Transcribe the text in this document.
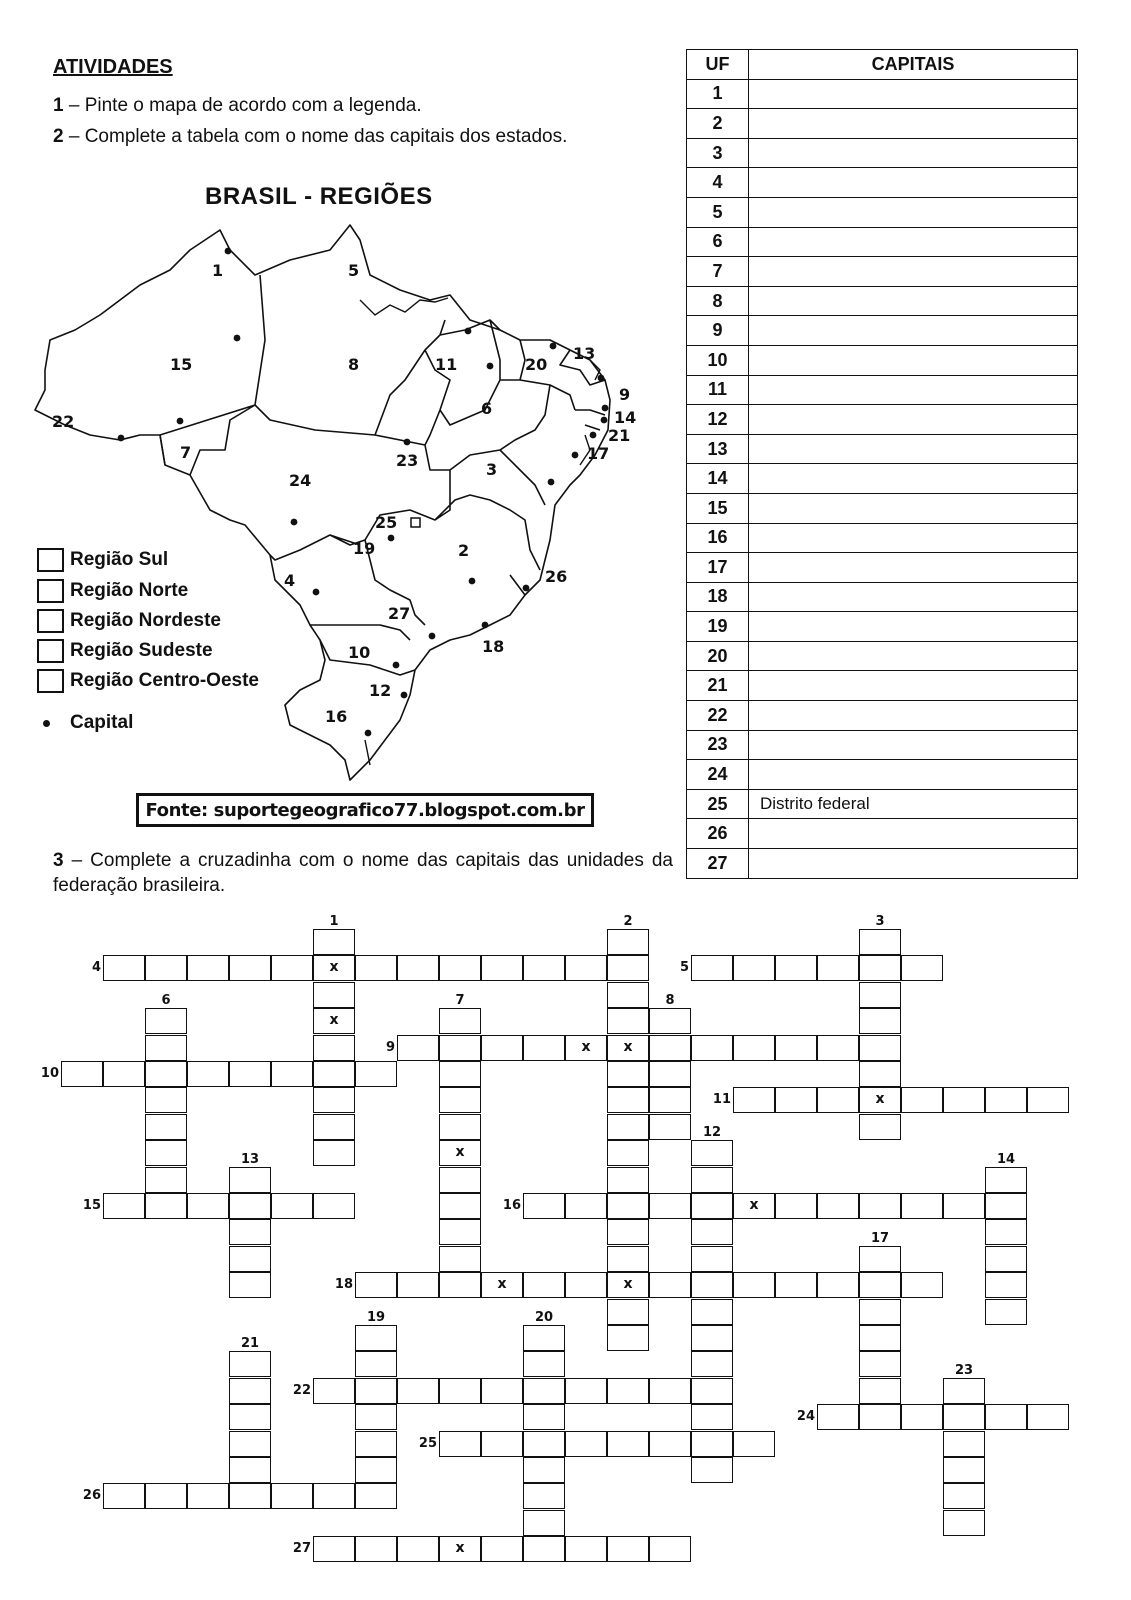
ATIVIDADES
1 – Pinte o mapa de acordo com a legenda.
2 – Complete a tabela com o nome das capitais dos estados.
BRASIL - REGIÕES
1
2
3
4
5
6
7
8
9
10
11
12
13
14
15
16
17
18
19
20
21
22
23
24
25
26
27
Região Sul
Região Norte
Região Nordeste
Região Sudeste
Região Centro-Oeste
Capital
Fonte: suportegeografico77.blogspot.com.br
3 – Complete a cruzadinha com o nome das capitais das unidades da federação brasileira.
UF	CAPITAIS
1	
2	
3	
4	
5	
6	
7	
8	
9	
10	
11	
12	
13	
14	
15	
16	
17	
18	
19	
20	
21	
22	
23	
24	
25	Distrito federal
26	
27	
x
x
1
x
x
2
x
3
4	5
6
x
7	8
x
9
10
11
12
13	14
15	x
16
17
x
18
19	20
21
22
23
24
25
26
x
27
